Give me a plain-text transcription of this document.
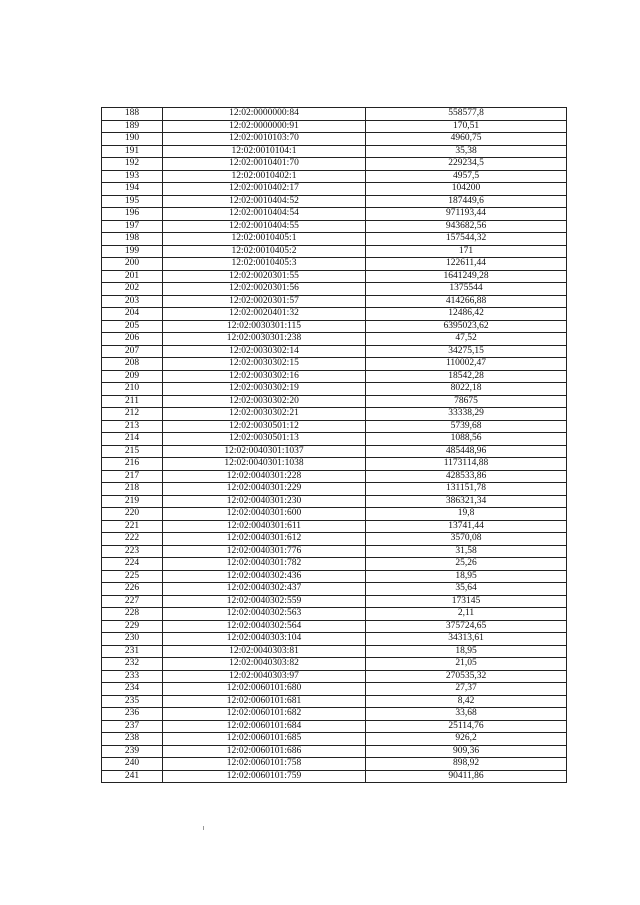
188	12:02:0000000:84	558577,8
189	12:02:0000000:91	170,51
190	12:02:0010103:70	4960,75
191	12:02:0010104:1	35,38
192	12:02:0010401:70	229234,5
193	12:02:0010402:1	4957,5
194	12:02:0010402:17	104200
195	12:02:0010404:52	187449,6
196	12:02:0010404:54	971193,44
197	12:02:0010404:55	943682,56
198	12:02:0010405:1	157544,32
199	12:02:0010405:2	171
200	12:02:0010405:3	122611,44
201	12:02:0020301:55	1641249,28
202	12:02:0020301:56	1375544
203	12:02:0020301:57	414266,88
204	12:02:0020401:32	12486,42
205	12:02:0030301:115	6395023,62
206	12:02:0030301:238	47,52
207	12:02:0030302:14	34275,15
208	12:02:0030302:15	110002,47
209	12:02:0030302:16	18542,28
210	12:02:0030302:19	8022,18
211	12:02:0030302:20	78675
212	12:02:0030302:21	33338,29
213	12:02:0030501:12	5739,68
214	12:02:0030501:13	1088,56
215	12:02:0040301:1037	485448,96
216	12:02:0040301:1038	1173114,88
217	12:02:0040301:228	428533,86
218	12:02:0040301:229	131151,78
219	12:02:0040301:230	386321,34
220	12:02:0040301:600	19,8
221	12:02:0040301:611	13741,44
222	12:02:0040301:612	3570,08
223	12:02:0040301:776	31,58
224	12:02:0040301:782	25,26
225	12:02:0040302:436	18,95
226	12:02:0040302:437	35,64
227	12:02:0040302:559	173145
228	12:02:0040302:563	2,11
229	12:02:0040302:564	375724,65
230	12:02:0040303:104	34313,61
231	12:02:0040303:81	18,95
232	12:02:0040303:82	21,05
233	12:02:0040303:97	270535,32
234	12:02:0060101:680	27,37
235	12:02:0060101:681	8,42
236	12:02:0060101:682	33,68
237	12:02:0060101:684	25114,76
238	12:02:0060101:685	926,2
239	12:02:0060101:686	909,36
240	12:02:0060101:758	898,92
241	12:02:0060101:759	90411,86
